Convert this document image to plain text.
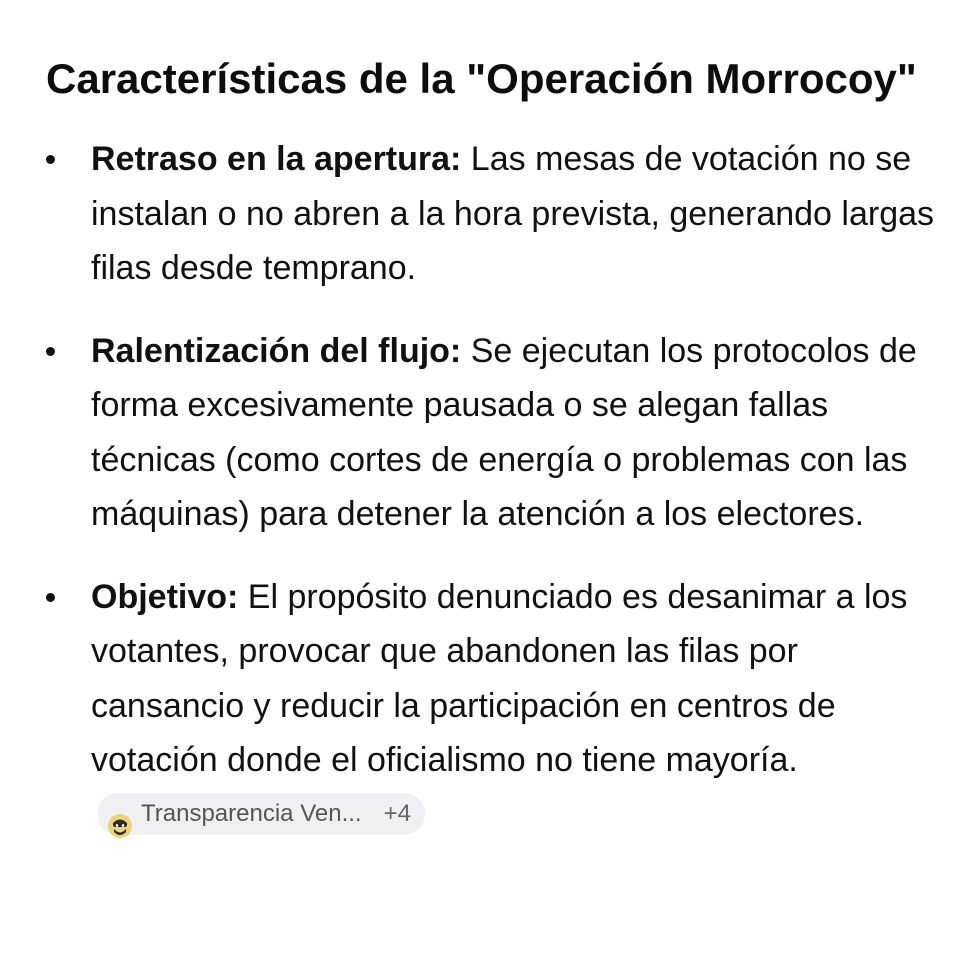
Características de la "Operación Morrocoy"
Retraso en la apertura: Las mesas de votación no se instalan o no abren a la hora prevista, generando largas filas desde temprano.
Ralentización del flujo: Se ejecutan los protocolos de forma excesivamente pausada o se alegan fallas técnicas (como cortes de energía o problemas con las máquinas) para detener la atención a los electores.
Objetivo: El propósito denunciado es desanimar a los votantes, provocar que abandonen las filas por cansancio y reducir la participación en centros de votación donde el oficialismo no tiene mayoría.
Transparencia Ven... +4
